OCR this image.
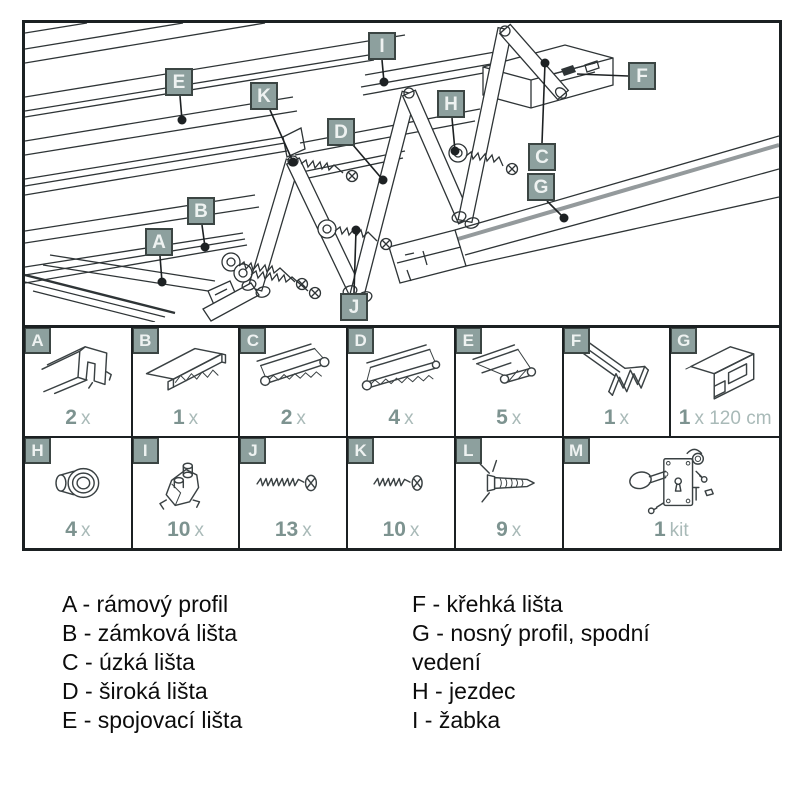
A
B
C
D
E	F
G
H
I
J
K
A
2 x
B
1 x
C
2 x
D
4 x
E
5 x
F
1 x
G
1 x 120 cm
H
4 x
I
10 x
J
13 x
K
10 x
L
9 x
M
1 kit
A - rámový profil
B - zámková lišta
C - úzká lišta
D - široká lišta
E - spojovací lišta
F - křehká lišta
G - nosný profil, spodní
vedení
H - jezdec
I - žabka
